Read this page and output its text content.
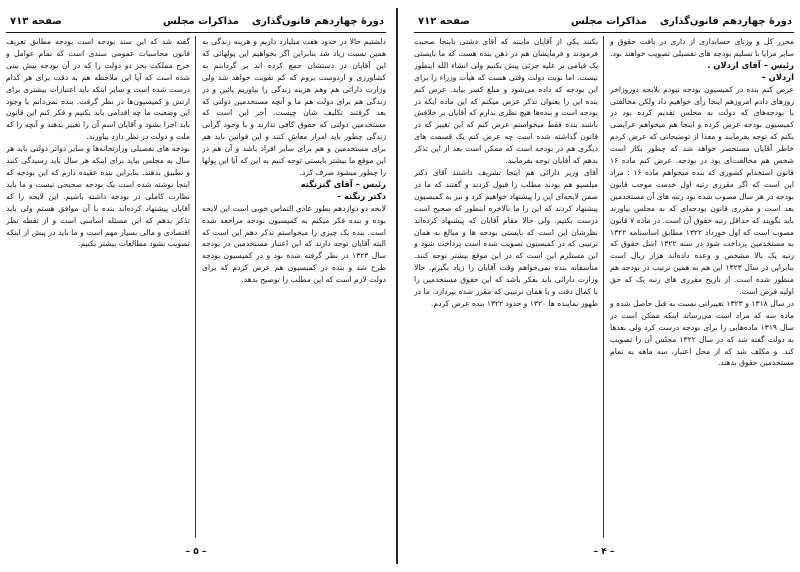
دورهٔ چهاردهم قانون‌گذاری
مذاکرات مجلس
صفحه ۷۱۲

محرر کل و وزنای حسابداری از داری در یافت حقوق و سایر مزایا با تسلیم بودجه های تفصیلی تصویب خواهند بود.

رئیس – آقای اردلان .

اردلان –

عرض کنم بنده در کمیسیون بودجه نبودم بلابجه دوروزاخر روزهای دادم امروزهم اینجا رأی خواهیم داد ولکن مخالفتی با بودجه‌های که دولت به مجلس تقدیم کرده بود در کمیسیون بودجه عرض کرده و اینجا هم میخواهم عرایضی بکنم که توجه بفرمایند و معذا از توضیحاتی که عرض کردم خاطر آقایان مستحضر خواهد شد که چطور بکار است شخص هم مخالفت‌ای بود در بودجه. عرض کنم ماده ۱۶ قانون استخدام کشوری که بنده میخواهم ماده ۱۶ : مراد این است که اگر مقرری رتبه اول خدمت موجب قانون بودجه در هر سال مصوب شده بود رتبه های آن مستخدمین بعد است و مقرری قانون بودجه‌ای که به مجلس بیاورند باید بگویند که حداقل رتبه حقوق آن است. در ماده ۷ قانون مصوب است که اول خورداد ۱۳۲۲ مطابق اساسنامه ۱۳۲۲ به مستخدمین پرداخت شود در سنه ۱۳۲۲ اشل حقوق که رتبه یک بالا مشخص و وعده داده‌اند هزار ریال است بنابراین در سال ۱۳۲۳ این هم به همین ترتیب در بودجه هم منظور شده است. از تاریخ مقرری های رتبه یک که حق اولیه فرض است.

در سال ۱۳۱۸ و ۱۳۲۳ تغییراتی نسبت به قبل حاصل شده و ماده سه که مراد است می‌رساند اینکه ممکن است در سال ۱۳۱۹ ماده‌هایی را برای بودجه درست کرد ولی بعدها به دولت گفته شد که در سال ۱۳۲۲ مجلس آن را تصویب کند. و مکلف شد که از محل اعتبار، سه ماهه به تمام مستخدمین حقوق بدهند.

بکنند یکی از آقایان ماینند که آقای دشتی باینجا صحبت فرمودند و فرمایشان هم در ذهن بنده هست که ما بایستی یک قیامی بر علیه جزئی پیش بکنیم ولی انشاء الله اینطور نیست. اما نوبت دولت وقتی هست که هیأت وزراء را برای این بودجه که داده می‌شود و مبلغ کسر بیاید. عرض کنم بنده این را بعنوان تذکر عرض میکنم که این ماده ایکه در بودجه است و بنده‌ها هیچ نظری ندارم که آقایان بر خلافش باشند بنده فقط میخواستم عرض کنم که این تغییر که در قانون گذاشته شده است چه عرض کنم یک قسمت های دیگری هم در بودجه است که ممکن است بعد از این تذکر بدهم که آقایان توجه بفرمایند.

آقای وزیر دارائی هم اینجا تشریف داشتند آقای دکتر میلسپو هم بودند مطلب را قبول کردند و گفتند که ما در ضمن لایحه‌ای این را پیشنهاد خواهیم کرد و نیز به کمیسیون پیشنهاد کردند که این را ما بالاخره اینطور که صحیح است درست بکنیم. ولی حالا مقام آقایان که پیشنهاد کرده‌اند نظرشان این است که بایستی بودجه ها و مبالغ به همان ترتیبی که در کمیسیون تصویب شده است پرداخت شود و این مستلزم این است که در این موقع بیشتر توجه کنند. متأسفانه بنده نمی‌خواهم وقت آقایان را زیاد بگیرم. حالا وزارت دارائی باید بفکر باشد که این حقوق مستخدمین را با کمال دقت و با همان ترتیبی که مقرر شده بپردازد. ما در ظهور نماینده ها ۱۳۲۰ و حدود ۱۳۲۲ بنده عرض کردم.

– ۴ –
دورهٔ چهاردهم قانون‌گذاری
مذاکرات مجلس
صفحه ۷۱۳

دلشتیم حالا در حدود هفت میلیارد داریم و هزینه زندگی به همین نسبت زیاد شد بنابراین اگر بخواهیم این پولهائی که این آقایان در دستشان جمع کرده اند بر گرداننم به کشاورزی و اردوست بروم که کم تقویت خواهد شد ولی وزارت دارائی هم وهم هزینه زندگی را بیاوریم پائین و در زندگی هم برای دولت هم ما و آنچه مستخدمین دولتی که بعد گرفتند تکلیف شان چیست. آخر این است که مستخدمین دولتی که حقوق کافی ندارند و با وجود گرانی زندگی چطور باید امرار معاش کنند و این قوانین باید هم برای مستخدمین و هم برای سایر افراد باشد و آن هم در این موقع ما بیشتر بایستی توجه کنیم به این که آیا این پولها را چطور میشود صرف کرد.

رئیس – آقای گنزنگته

دکتر زنگنه –

لایحه دو دوازدهم بطور عادی التماس خوبی است این لایحه بوده و بنده فکر میکنم به کمیسیون بودجه مراجعه شده است. بنده یک چیزی را میخواستم تذکر دهم این است که البته آقایان توجه دارند که این اعتبار مستخدمین در بودجه سال ۱۳۲۳ در نظر گرفته شده بود و در کمیسیون بودجه طرح شد و بنده در کمیسیون هم عرض کردم که برای دولت لازم است که این مطلب را توضیح بدهد.

گفته شد که این سند بودجه است بودجه مطابق تعریف قانون محاسبات عمومی سندی است که تمام عوامل و خرج مملکت بجز دو دولت را که در آن بودجه پیش بینی شده است که آیا این ملاحظه هم به دقت برای هر کدام درست شده است و سایر اینکه باید اعتبارات بیشتری برای ارتش و کمیسیون‌ها در نظر گرفت. بنده نمی‌دانم با وجود این وضعیت ما چه اقدامی باید بکنیم و فکر کنم این قانون باید اجرا بشود و آقایان اسم آن را تغییر بدهند و آنچه را که ملت و دولت در نظر دارد بیاورند.

بودجه های تفصیلی وزارتخانه‌ها و سایر دوائر دولتی باید هر سال به مجلس بیاید برای اینکه هر سال باید رسیدگی کنند و تطبیق بدهند. بنابراین بنده عقیده دارم که این بودجه که اینجا نوشته شده است یک بودجه صحیحی نیست و ما باید نظارت کاملی در بودجه داشته باشیم. این لایحه را که آقایان پیشنهاد کرده‌اند بنده با آن موافق هستم ولی باید تذکر بدهم که این مسئله اساسی است و از نقطه نظر اقتصادی و مالی بسیار مهم است و ما باید در پیش از اینکه تصویب بشود مطالعات بیشتر بکنیم.

– ۵ –
